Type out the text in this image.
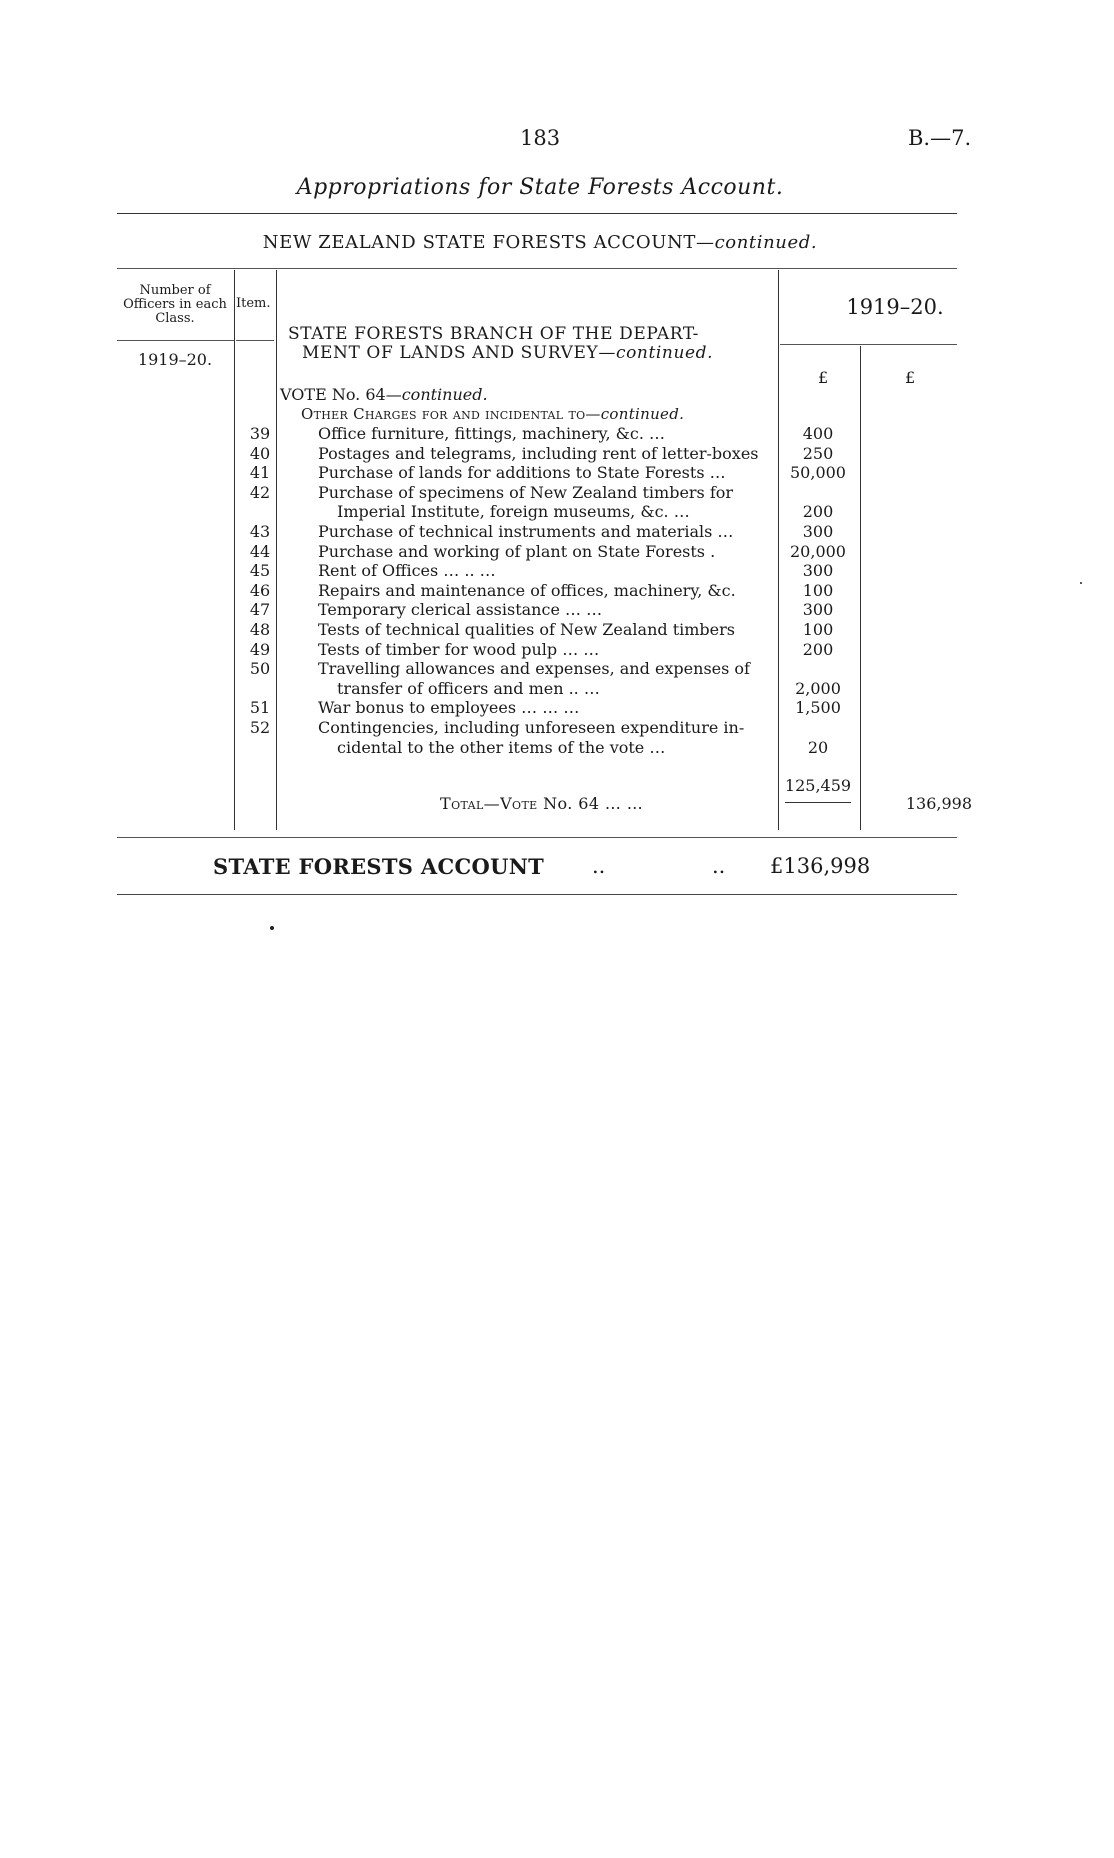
183	B.—7.
Appropriations for State Forests Account.
NEW ZEALAND STATE FORESTS ACCOUNT—continued.
Number of Officers in each Class.
Item.	1919–20.
1919–20.
£	£
STATE FORESTS BRANCH OF THE DEPART-
MENT OF LANDS AND SURVEY—continued.
VOTE No. 64—continued.
Other Charges for and incidental to—continued.
39	Office furniture, fittings, machinery, &c. …	400
40	Postages and telegrams, including rent of letter-boxes	250
41	Purchase of lands for additions to State Forests …	50,000
42	Purchase of specimens of New Zealand timbers for
Imperial Institute, foreign museums, &c. …	200
43	Purchase of technical instruments and materials …	300
44	Purchase and working of plant on State Forests .	20,000
45	Rent of Offices … .. …	300
46	Repairs and maintenance of offices, machinery, &c.	100
47	Temporary clerical assistance … …	300
48	Tests of technical qualities of New Zealand timbers	100
49	Tests of timber for wood pulp … …	200
50	Travelling allowances and expenses, and expenses of
transfer of officers and men .. …	2,000
51	War bonus to employees … … …	1,500
52	Contingencies, including unforeseen expenditure in-
cidental to the other items of the vote …	20
125,459
Total—Vote No. 64 … …	136,998
STATE FORESTS ACCOUNT ..	.. £136,998
